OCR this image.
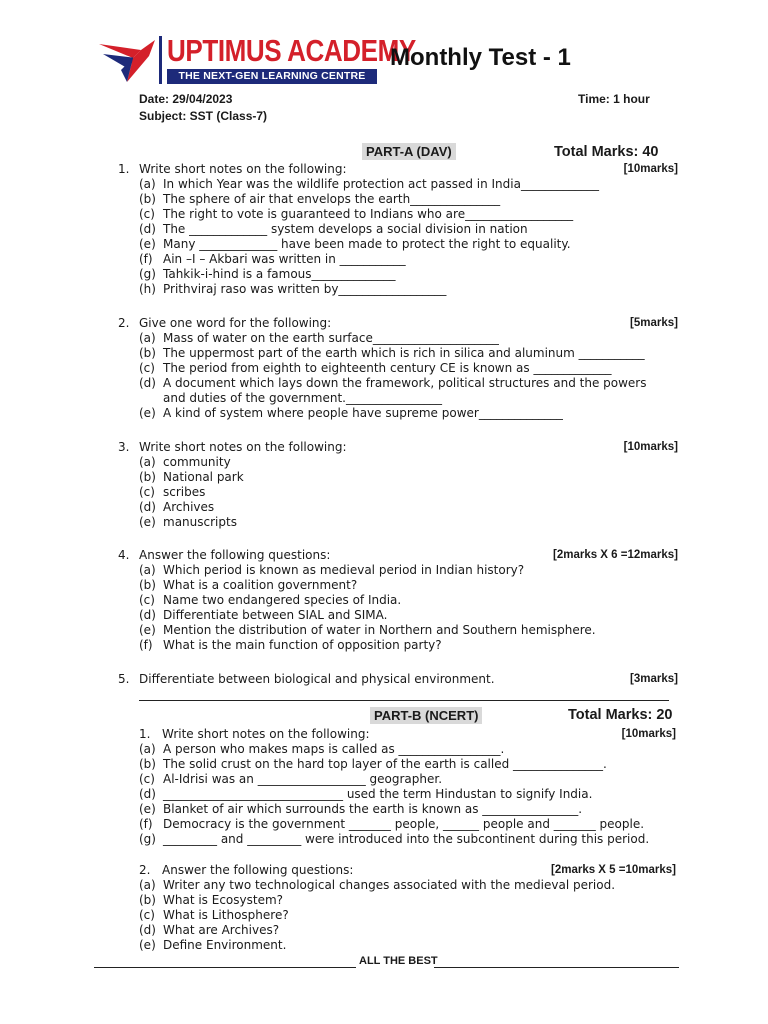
UPTIMUS ACADEMY
THE NEXT-GEN LEARNING CENTRE
Monthly Test - 1
Date: 29/04/2023	Time: 1 hour
Subject: SST (Class-7)
PART-A (DAV)	Total Marks: 40
1. Write short notes on the following:	[10marks]
(a) In which Year was the wildlife protection act passed in India_____________
(b) The sphere of air that envelops the earth_______________
(c) The right to vote is guaranteed to Indians who are__________________
(d) The _____________ system develops a social division in nation
(e) Many _____________ have been made to protect the right to equality.
(f) Ain –I – Akbari was written in ___________
(g) Tahkik-i-hind is a famous______________
(h) Prithviraj raso was written by__________________
2. Give one word for the following:	[5marks]
(a) Mass of water on the earth surface_____________________
(b) The uppermost part of the earth which is rich in silica and aluminum ___________
(c) The period from eighth to eighteenth century CE is known as _____________
(d) A document which lays down the framework, political structures and the powers
and duties of the government.________________
(e) A kind of system where people have supreme power______________
3. Write short notes on the following:	[10marks]
(a) community
(b) National park
(c) scribes
(d) Archives
(e) manuscripts
4. Answer the following questions:	[2marks X 6 =12marks]
(a) Which period is known as medieval period in Indian history?
(b) What is a coalition government?
(c) Name two endangered species of India.
(d) Differentiate between SIAL and SIMA.
(e) Mention the distribution of water in Northern and Southern hemisphere.
(f) What is the main function of opposition party?
5. Differentiate between biological and physical environment.	[3marks]
PART-B (NCERT)	Total Marks: 20
1. Write short notes on the following:	[10marks]
(a) A person who makes maps is called as _________________.
(b) The solid crust on the hard top layer of the earth is called _______________.
(c) Al-Idrisi was an __________________ geographer.
(d) ______________________________ used the term Hindustan to signify India.
(e) Blanket of air which surrounds the earth is known as ________________.
(f) Democracy is the government _______ people, ______ people and _______ people.
(g) _________ and _________ were introduced into the subcontinent during this period.
2. Answer the following questions:	[2marks X 5 =10marks]
(a) Writer any two technological changes associated with the medieval period.
(b) What is Ecosystem?
(c) What is Lithosphere?
(d) What are Archives?
(e) Define Environment.
ALL THE BEST
